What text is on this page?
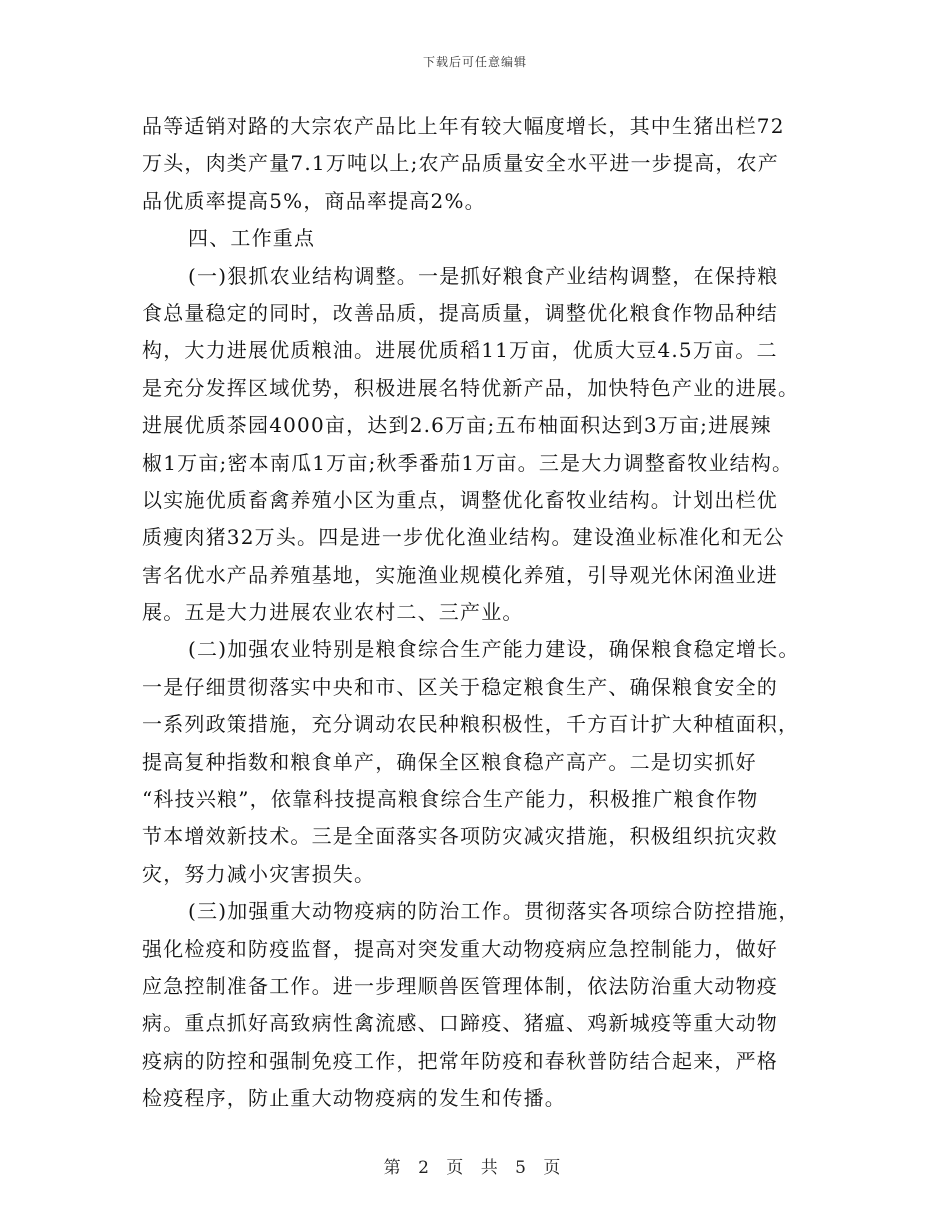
下载后可任意编辑
品等适销对路的大宗农产品比上年有较大幅度增长，其中生猪出栏72
万头，肉类产量7.1万吨以上;农产品质量安全水平进一步提高，农产
品优质率提高5%，商品率提高2%。
四、工作重点
(一)狠抓农业结构调整。一是抓好粮食产业结构调整，在保持粮
食总量稳定的同时，改善品质，提高质量，调整优化粮食作物品种结
构，大力进展优质粮油。进展优质稻11万亩，优质大豆4.5万亩。二
是充分发挥区域优势，积极进展名特优新产品，加快特色产业的进展。
进展优质茶园4000亩，达到2.6万亩;五布柚面积达到3万亩;进展辣
椒1万亩;密本南瓜1万亩;秋季番茄1万亩。三是大力调整畜牧业结构。
以实施优质畜禽养殖小区为重点，调整优化畜牧业结构。计划出栏优
质瘦肉猪32万头。四是进一步优化渔业结构。建设渔业标准化和无公
害名优水产品养殖基地，实施渔业规模化养殖，引导观光休闲渔业进
展。五是大力进展农业农村二、三产业。
(二)加强农业特别是粮食综合生产能力建设，确保粮食稳定增长。
一是仔细贯彻落实中央和市、区关于稳定粮食生产、确保粮食安全的
一系列政策措施，充分调动农民种粮积极性，千方百计扩大种植面积，
提高复种指数和粮食单产，确保全区粮食稳产高产。二是切实抓好
“科技兴粮”，依靠科技提高粮食综合生产能力，积极推广粮食作物
节本增效新技术。三是全面落实各项防灾减灾措施，积极组织抗灾救
灾，努力减小灾害损失。
(三)加强重大动物疫病的防治工作。贯彻落实各项综合防控措施，
强化检疫和防疫监督，提高对突发重大动物疫病应急控制能力，做好
应急控制准备工作。进一步理顺兽医管理体制，依法防治重大动物疫
病。重点抓好高致病性禽流感、口蹄疫、猪瘟、鸡新城疫等重大动物
疫病的防控和强制免疫工作，把常年防疫和春秋普防结合起来，严格
检疫程序，防止重大动物疫病的发生和传播。
第 2 页 共 5 页
